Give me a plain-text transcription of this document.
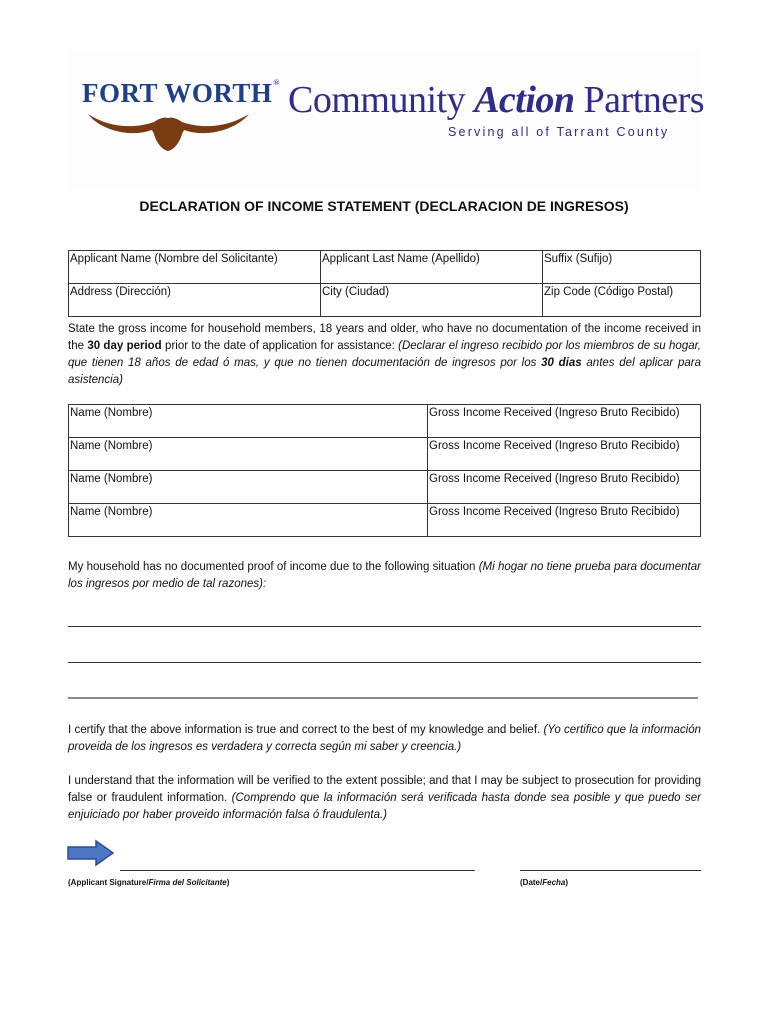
FORT WORTH® Community Action Partners
Serving all of Tarrant County
DECLARATION OF INCOME STATEMENT (DECLARACION DE INGRESOS)
Applicant Name (Nombre del Solicitante)	Applicant Last Name (Apellido)	Suffix (Sufijo)
Address (Dirección)	City (Ciudad)	Zip Code (Código Postal)
State the gross income for household members, 18 years and older, who have no documentation of the income received in the 30 day period prior to the date of application for assistance: (Declarar el ingreso recibido por los miembros de su hogar, que tienen 18 años de edad ó mas, y que no tienen documentación de ingresos por los 30 dias antes del aplicar para asistencia)
Name (Nombre)	Gross Income Received (Ingreso Bruto Recibido)
Name (Nombre)	Gross Income Received (Ingreso Bruto Recibido)
Name (Nombre)	Gross Income Received (Ingreso Bruto Recibido)
Name (Nombre)	Gross Income Received (Ingreso Bruto Recibido)
My household has no documented proof of income due to the following situation (Mi hogar no tiene prueba para documentar los ingresos por medio de tal razones):
I certify that the above information is true and correct to the best of my knowledge and belief. (Yo certifico que la información proveida de los ingresos es verdadera y correcta según mi saber y creencia.)
I understand that the information will be verified to the extent possible; and that I may be subject to prosecution for providing false or fraudulent information. (Comprendo que la información será verificada hasta donde sea posible y que puedo ser enjuiciado por haber proveido información falsa ó fraudulenta.)
(Applicant Signature/Firma del Solicitante)	(Date/Fecha)
